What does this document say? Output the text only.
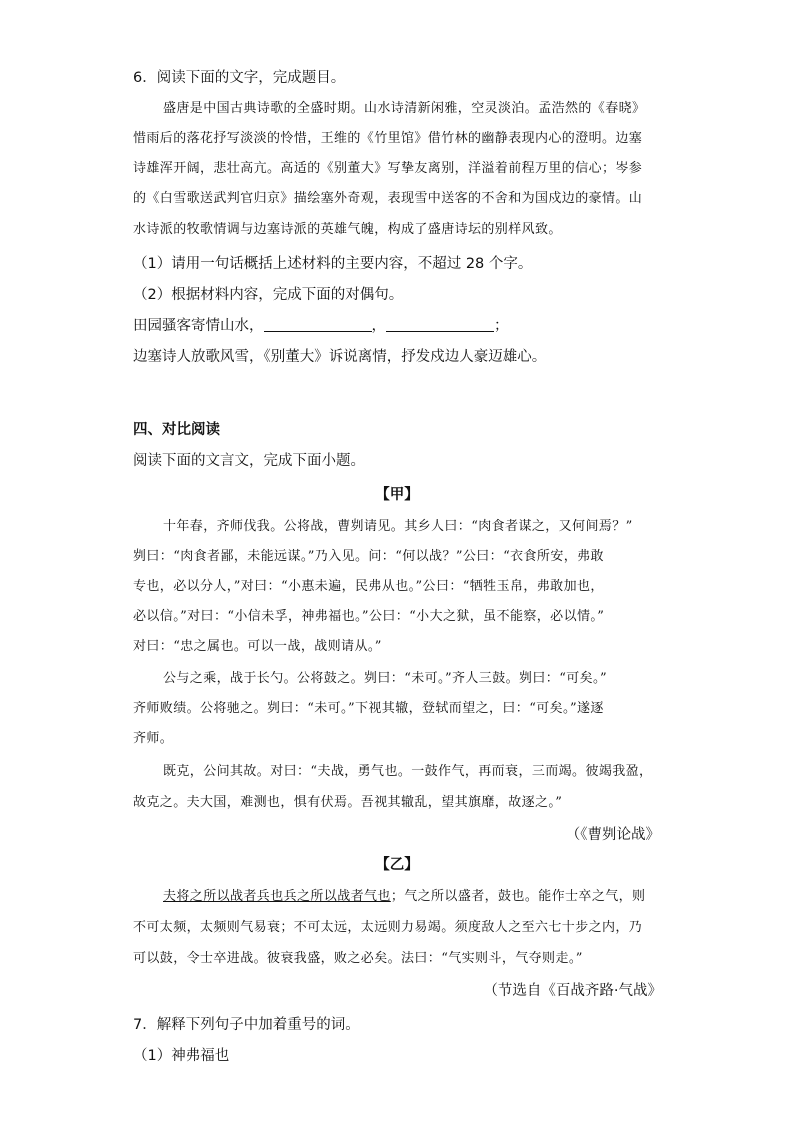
6．阅读下面的文字，完成题目。
盛唐是中国古典诗歌的全盛时期。山水诗清新闲雅，空灵淡泊。孟浩然的《春晓》
惜雨后的落花抒写淡淡的怜惜，王维的《竹里馆》借竹林的幽静表现内心的澄明。边塞
诗雄浑开阔，悲壮高亢。高适的《别董大》写挚友离别，洋溢着前程万里的信心；岑参
的《白雪歌送武判官归京》描绘塞外奇观，表现雪中送客的不舍和为国戍边的豪情。山
水诗派的牧歌情调与边塞诗派的英雄气魄，构成了盛唐诗坛的别样风致。
（1）请用一句话概括上述材料的主要内容，不超过 28 个字。
（2）根据材料内容，完成下面的对偶句。
田园骚客寄情山水，	，	；
边塞诗人放歌风雪，《别董大》诉说离情，抒发戍边人豪迈雄心。
四、对比阅读
阅读下面的文言文，完成下面小题。
【甲】
十年春，齐师伐我。公将战，曹刿请见。其乡人曰：“肉食者谋之，又何间焉？”
刿曰：“肉食者鄙，未能远谋。”乃入见。问：“何以战？”公曰：“衣食所安，弗敢
专也，必以分人，”对曰：“小惠未遍，民弗从也。”公曰：“牺牲玉帛，弗敢加也，
必以信。”对曰：“小信未孚，神弗福也。”公曰：“小大之狱，虽不能察，必以情。”
对曰：“忠之属也。可以一战，战则请从。”
公与之乘，战于长勺。公将鼓之。刿曰：“未可。”齐人三鼓。刿曰：“可矣。”
齐师败绩。公将驰之。刿曰：“未可。”下视其辙，登轼而望之，曰：“可矣。”遂逐
齐师。
既克，公问其故。对曰：“夫战，勇气也。一鼓作气，再而衰，三而竭。彼竭我盈，
故克之。夫大国，难测也，惧有伏焉。吾视其辙乱，望其旗靡，故逐之。”
（《曹刿论战》
【乙】
夫将之所以战者兵也兵之所以战者气也；气之所以盛者，鼓也。能作士卒之气，则
不可太频，太频则气易衰；不可太远，太远则力易竭。须度敌人之至六七十步之内，乃
可以鼓，令士卒进战。彼衰我盛，败之必矣。法曰：“气实则斗，气夺则走。”
（节选自《百战齐路·气战》
7．解释下列句子中加着重号的词。
（1）神弗福也
